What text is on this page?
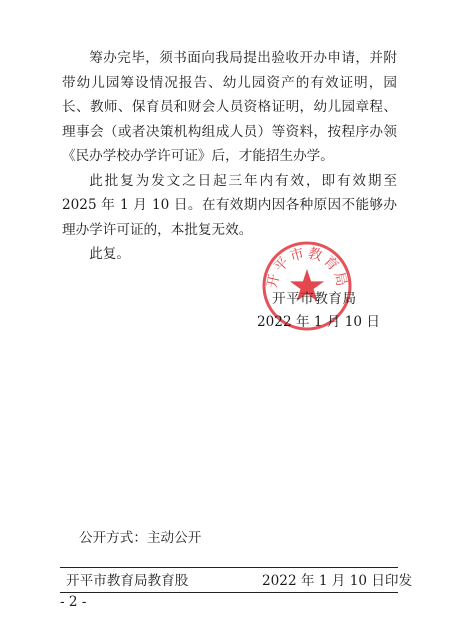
筹办完毕，须书面向我局提出验收开办申请，并附带幼儿园筹设情况报告、幼儿园资产的有效证明，园长、教师、保育员和财会人员资格证明，幼儿园章程、理事会（或者决策机构组成人员）等资料，按程序办领《民办学校办学许可证》后，才能招生办学。

此批复为发文之日起三年内有效，即有效期至 2025 年 1 月 10 日。在有效期内因各种原因不能够办理办学许可证的，本批复无效。

此复。

开平市教育局
开平市教育局
2022 年 1 月 10 日
公开方式：主动公开
开平市教育局教育股	2022 年 1 月 10 日印发
- 2 -
